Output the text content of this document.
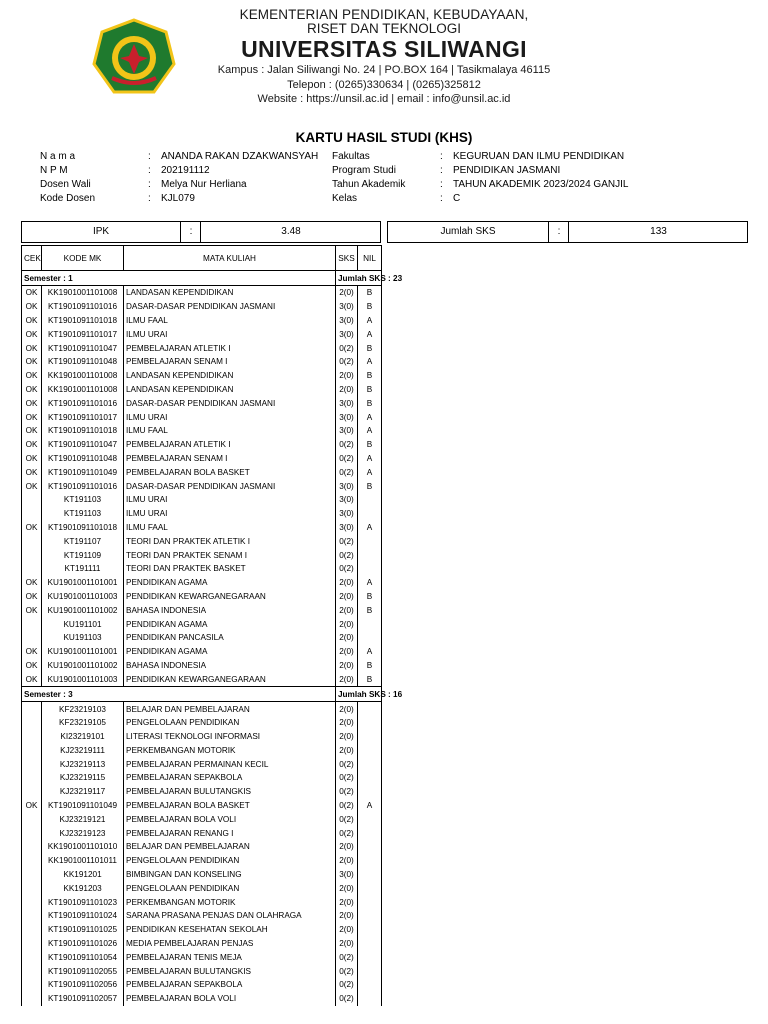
KEMENTERIAN PENDIDIKAN, KEBUDAYAAN,
RISET DAN TEKNOLOGI
UNIVERSITAS SILIWANGI
Kampus : Jalan Siliwangi No. 24 | PO.BOX 164 | Tasikmalaya 46115
Telepon : (0265)330634 | (0265)325812
Website : https://unsil.ac.id | email : info@unsil.ac.id
KARTU HASIL STUDI (KHS)
N a m a	: ANANDA RAKAN DZAKWANSYAH
N P M	: 202191112
Dosen Wali	: Melya Nur Herliana
Kode Dosen	: KJL079
Fakultas	: KEGURUAN DAN ILMU PENDIDIKAN
Program Studi	: PENDIDIKAN JASMANI
Tahun Akademik	: TAHUN AKADEMIK 2023/2024 GANJIL
Kelas	: C
IPK	:	3.48	Jumlah SKS	:	133
CEK	KODE MK	MATA KULIAH	SKS	NIL
Semester : 1			Jumlah SKS : 23	
OK	KK1901001101008	LANDASAN KEPENDIDIKAN	2(0)	B
OK	KT1901091101016	DASAR-DASAR PENDIDIKAN JASMANI	3(0)	B
OK	KT1901091101018	ILMU FAAL	3(0)	A
OK	KT1901091101017	ILMU URAI	3(0)	A
OK	KT1901091101047	PEMBELAJARAN ATLETIK I	0(2)	B
OK	KT1901091101048	PEMBELAJARAN SENAM I	0(2)	A
OK	KK1901001101008	LANDASAN KEPENDIDIKAN	2(0)	B
OK	KK1901001101008	LANDASAN KEPENDIDIKAN	2(0)	B
OK	KT1901091101016	DASAR-DASAR PENDIDIKAN JASMANI	3(0)	B
OK	KT1901091101017	ILMU URAI	3(0)	A
OK	KT1901091101018	ILMU FAAL	3(0)	A
OK	KT1901091101047	PEMBELAJARAN ATLETIK I	0(2)	B
OK	KT1901091101048	PEMBELAJARAN SENAM I	0(2)	A
OK	KT1901091101049	PEMBELAJARAN BOLA BASKET	0(2)	A
OK	KT1901091101016	DASAR-DASAR PENDIDIKAN JASMANI	3(0)	B
	KT191103	ILMU URAI	3(0)	
	KT191103	ILMU URAI	3(0)	
OK	KT1901091101018	ILMU FAAL	3(0)	A
	KT191107	TEORI DAN PRAKTEK ATLETIK I	0(2)	
	KT191109	TEORI DAN PRAKTEK SENAM I	0(2)	
	KT191111	TEORI DAN PRAKTEK BASKET	0(2)	
OK	KU1901001101001	PENDIDIKAN AGAMA	2(0)	A
OK	KU1901001101003	PENDIDIKAN KEWARGANEGARAAN	2(0)	B
OK	KU1901001101002	BAHASA INDONESIA	2(0)	B
	KU191101	PENDIDIKAN AGAMA	2(0)	
	KU191103	PENDIDIKAN PANCASILA	2(0)	
OK	KU1901001101001	PENDIDIKAN AGAMA	2(0)	A
OK	KU1901001101002	BAHASA INDONESIA	2(0)	B
OK	KU1901001101003	PENDIDIKAN KEWARGANEGARAAN	2(0)	B
Semester : 3			Jumlah SKS : 16	
	KF23219103	BELAJAR DAN PEMBELAJARAN	2(0)	
	KF23219105	PENGELOLAAN PENDIDIKAN	2(0)	
	KI23219101	LITERASI TEKNOLOGI INFORMASI	2(0)	
	KJ23219111	PERKEMBANGAN MOTORIK	2(0)	
	KJ23219113	PEMBELAJARAN PERMAINAN KECIL	0(2)	
	KJ23219115	PEMBELAJARAN SEPAKBOLA	0(2)	
	KJ23219117	PEMBELAJARAN BULUTANGKIS	0(2)	
OK	KT1901091101049	PEMBELAJARAN BOLA BASKET	0(2)	A
	KJ23219121	PEMBELAJARAN BOLA VOLI	0(2)	
	KJ23219123	PEMBELAJARAN RENANG I	0(2)	
	KK1901001101010	BELAJAR DAN PEMBELAJARAN	2(0)	
	KK1901001101011	PENGELOLAAN PENDIDIKAN	2(0)	
	KK191201	BIMBINGAN DAN KONSELING	3(0)	
	KK191203	PENGELOLAAN PENDIDIKAN	2(0)	
	KT1901091101023	PERKEMBANGAN MOTORIK	2(0)	
	KT1901091101024	SARANA PRASANA PENJAS DAN OLAHRAGA	2(0)	
	KT1901091101025	PENDIDIKAN KESEHATAN SEKOLAH	2(0)	
	KT1901091101026	MEDIA PEMBELAJARAN PENJAS	2(0)	
	KT1901091101054	PEMBELAJARAN TENIS MEJA	0(2)	
	KT1901091102055	PEMBELAJARAN BULUTANGKIS	0(2)	
	KT1901091102056	PEMBELAJARAN SEPAKBOLA	0(2)	
	KT1901091102057	PEMBELAJARAN BOLA VOLI	0(2)	
